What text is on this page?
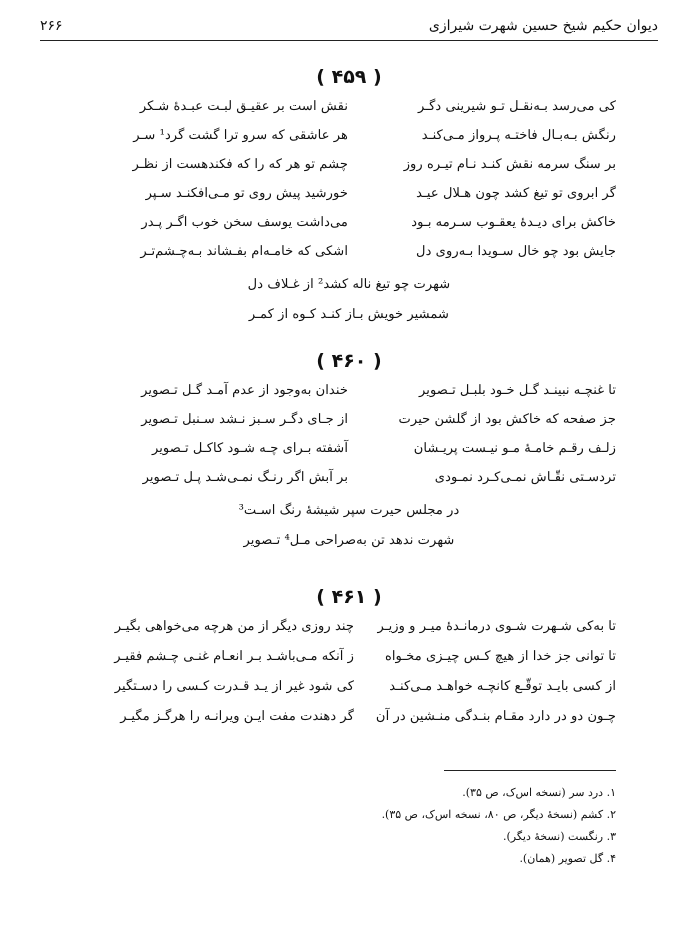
دیوان حکیم شیخ حسین شهرت شیرازی
۲۶۶
( ۴۵۹ )
کی می‌رسد بـه‌نقـل تـو شیرینی دگـرنقش است بر عقیـق لبـت عبـدهٔ شـکر
رنگش بـه‌بـال فاختـه پـرواز مـی‌کنـدهر عاشقی که سرو ترا گشت گرد¹ سـر
بر سنگ سرمه نقش کنـد نـام تیـره روزچشم تو هر که را که فکندهست از نظـر
گر ابروی تو تیغ کشد چون هـلال عیـدخورشید پیش روی تو مـی‌افکنـد سـپر
خاکش برای دیـدهٔ یعقـوب سـرمه بـودمی‌داشت یوسف سخن خوب اگـر پـدر
جایش بود چو خال سـویدا بـه‌روی دلاشکی که خامـه‌ام بفـشاند بـه‌چـشم‌تـر
شهرت چو تیغ ناله کشد² از غـلاف دل
شمشیر خویش بـاز کنـد کـوه از کمـر
( ۴۶۰ )
تا غنچـه نبینـد گـل خـود بلبـل تـصویرخندان به‌وجود از عدم آمـد گـل تـصویر
جز صفحه که خاکش بود از گلشن حیرتاز جـای دگـر سـبز نـشد سـنبل تـصویر
زلـف رقـم خامـهٔ مـو نیـست پریـشانآشفته بـرای چـه شـود کاکـل تـصویر
تردسـتی نقّـاش نمـی‌کـرد نمـودیبر آبش اگر رنـگ نمـی‌شـد پـل تـصویر
در مجلس حیرت سپر شیشهٔ رنگ اسـت³
شهرت ندهد تن به‌صراحی مـل⁴ تـصویر
( ۴۶۱ )
تا به‌کی شـهرت شـوی درمانـدهٔ میـر و وزیـرچند روزی دیگر از من هرچه می‌خواهی بگیـر
تا توانی جز خدا از هیچ کـس چیـزی مخـواهز آنکه مـی‌باشـد بـر انعـام غنـی چـشم فقیـر
از کسی بایـد توقّـع کانچـه خواهـد مـی‌کنـدکی شود غیر از یـد قـدرت کـسی را دسـتگیر
چـون دو در دارد مقـام بنـدگی منـشین در آنگر دهندت مفت ایـن ویرانـه را هرگـز مگیـر
۱. درد سر (نسخه اس‌ک، ص ۳۵).
۲. کشم (نسخهٔ دیگر، ص ۸۰، نسخه اس‌ک، ص ۳۵).
۳. رنگست (نسخهٔ دیگر).
۴. گل تصویر (همان).
